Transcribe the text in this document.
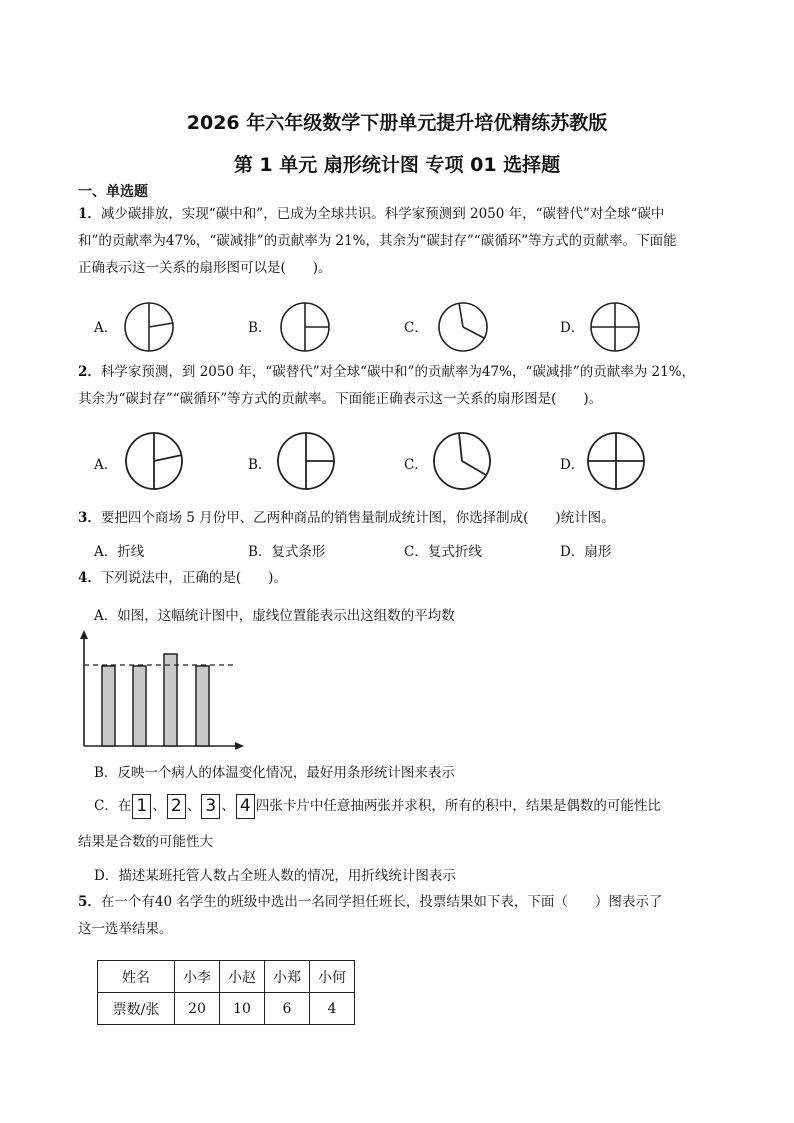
2026 年六年级数学下册单元提升培优精练苏教版
第 1 单元 扇形统计图 专项 01 选择题
一、单选题
1．减少碳排放，实现“碳中和”，已成为全球共识。科学家预测到 2050 年，“碳替代”对全球“碳中
和”的贡献率为47%，“碳减排”的贡献率为 21%，其余为“碳封存”“碳循环”等方式的贡献率。下面能
正确表示这一关系的扇形图可以是(　　)。
A．	B．	C．	D．
2．科学家预测，到 2050 年，“碳替代”对全球“碳中和”的贡献率为47%，“碳减排”的贡献率为 21%，
其余为“碳封存”“碳循环”等方式的贡献率。下面能正确表示这一关系的扇形图是(　　)。
A．	B．	C．	D．
3．要把四个商场 5 月份甲、乙两种商品的销售量制成统计图，你选择制成(　　)统计图。
A．折线	B．复式条形	C．复式折线	D．扇形
4．下列说法中，正确的是(　　)。
A．如图，这幅统计图中，虚线位置能表示出这组数的平均数
B．反映一个病人的体温变化情况，最好用条形统计图来表示
C．在 1 、 2 、 3 、 4 四张卡片中任意抽两张并求积，所有的积中，结果是偶数的可能性比
结果是合数的可能性大
D．描述某班托管人数占全班人数的情况，用折线统计图表示
5．在一个有40 名学生的班级中选出一名同学担任班长，投票结果如下表，下面（　　）图表示了
这一选举结果。
姓名	小李	小赵	小郑	小何
票数/张	20	10	6	4
